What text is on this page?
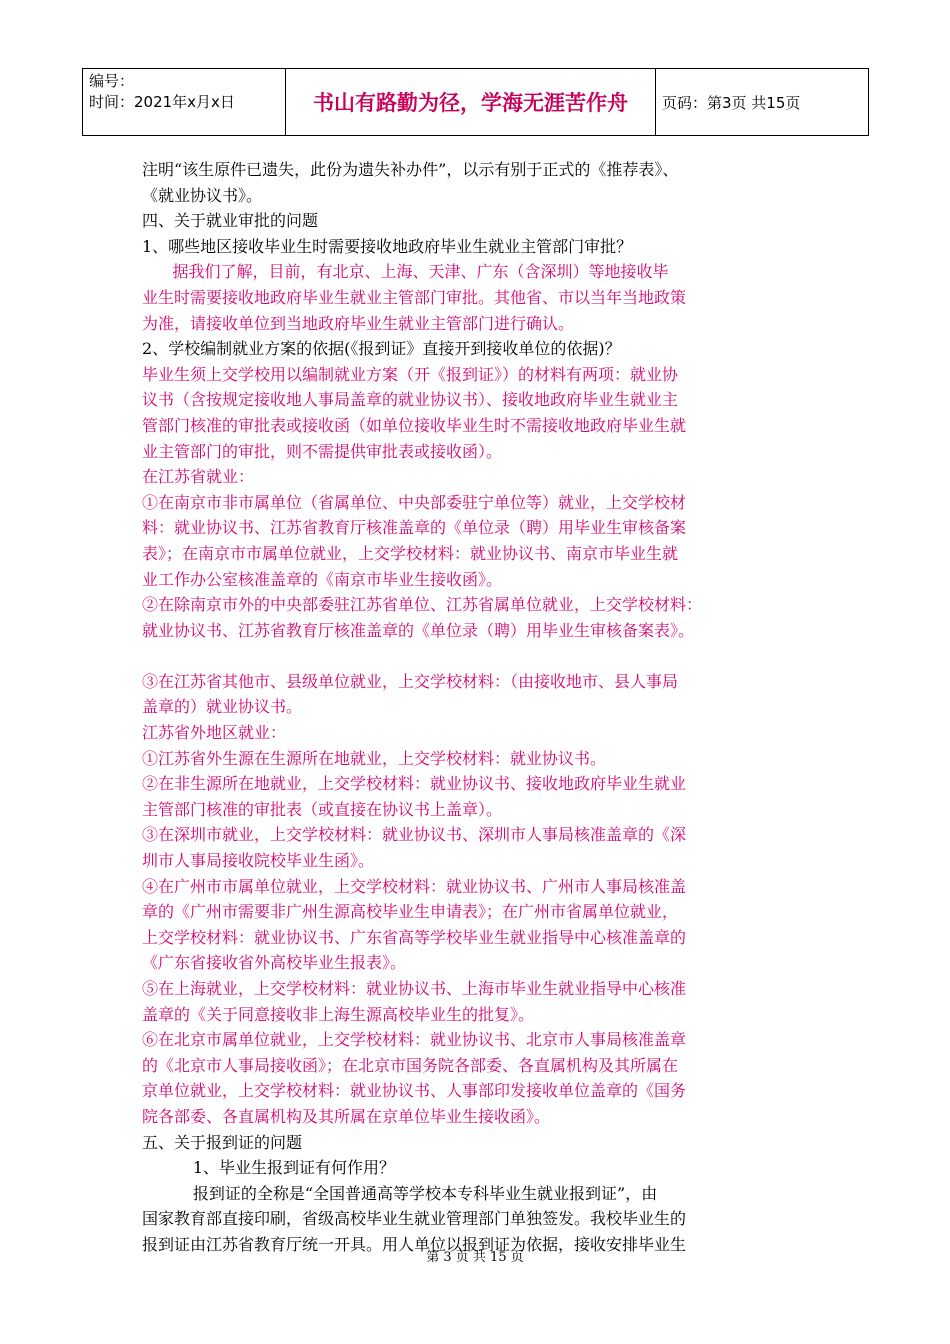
编号：
时间：2021年x月x日	书山有路勤为径，学海无涯苦作舟	页码：第3页 共15页

注明“该生原件已遗失，此份为遗失补办件”，以示有别于正式的《推荐表》、

《就业协议书》。

四、关于就业审批的问题

1、哪些地区接收毕业生时需要接收地政府毕业生就业主管部门审批？

据我们了解，目前，有北京、上海、天津、广东（含深圳）等地接收毕

业生时需要接收地政府毕业生就业主管部门审批。其他省、市以当年当地政策

为准，请接收单位到当地政府毕业生就业主管部门进行确认。

2、学校编制就业方案的依据(《报到证》直接开到接收单位的依据)？

毕业生须上交学校用以编制就业方案（开《报到证》）的材料有两项：就业协

议书（含按规定接收地人事局盖章的就业协议书）、接收地政府毕业生就业主

管部门核准的审批表或接收函（如单位接收毕业生时不需接收地政府毕业生就

业主管部门的审批，则不需提供审批表或接收函）。

在江苏省就业：

①在南京市非市属单位（省属单位、中央部委驻宁单位等）就业，上交学校材

料：就业协议书、江苏省教育厅核准盖章的《单位录（聘）用毕业生审核备案

表》；在南京市市属单位就业，上交学校材料：就业协议书、南京市毕业生就

业工作办公室核准盖章的《南京市毕业生接收函》。

②在除南京市外的中央部委驻江苏省单位、江苏省属单位就业，上交学校材料：

就业协议书、江苏省教育厅核准盖章的《单位录（聘）用毕业生审核备案表》。

③在江苏省其他市、县级单位就业，上交学校材料：（由接收地市、县人事局

盖章的）就业协议书。

江苏省外地区就业：

①江苏省外生源在生源所在地就业，上交学校材料：就业协议书。

②在非生源所在地就业，上交学校材料：就业协议书、接收地政府毕业生就业

主管部门核准的审批表（或直接在协议书上盖章）。

③在深圳市就业，上交学校材料：就业协议书、深圳市人事局核准盖章的《深

圳市人事局接收院校毕业生函》。

④在广州市市属单位就业，上交学校材料：就业协议书、广州市人事局核准盖

章的《广州市需要非广州生源高校毕业生申请表》；在广州市省属单位就业，

上交学校材料：就业协议书、广东省高等学校毕业生就业指导中心核准盖章的

《广东省接收省外高校毕业生报表》。

⑤在上海就业，上交学校材料：就业协议书、上海市毕业生就业指导中心核准

盖章的《关于同意接收非上海生源高校毕业生的批复》。

⑥在北京市属单位就业，上交学校材料：就业协议书、北京市人事局核准盖章

的《北京市人事局接收函》；在北京市国务院各部委、各直属机构及其所属在

京单位就业，上交学校材料：就业协议书、人事部印发接收单位盖章的《国务

院各部委、各直属机构及其所属在京单位毕业生接收函》。

五、关于报到证的问题

1、毕业生报到证有何作用？

报到证的全称是“全国普通高等学校本专科毕业生就业报到证”，由

国家教育部直接印刷，省级高校毕业生就业管理部门单独签发。我校毕业生的

报到证由江苏省教育厅统一开具。用人单位以报到证为依据，接收安排毕业生

第 3 页 共 15 页
